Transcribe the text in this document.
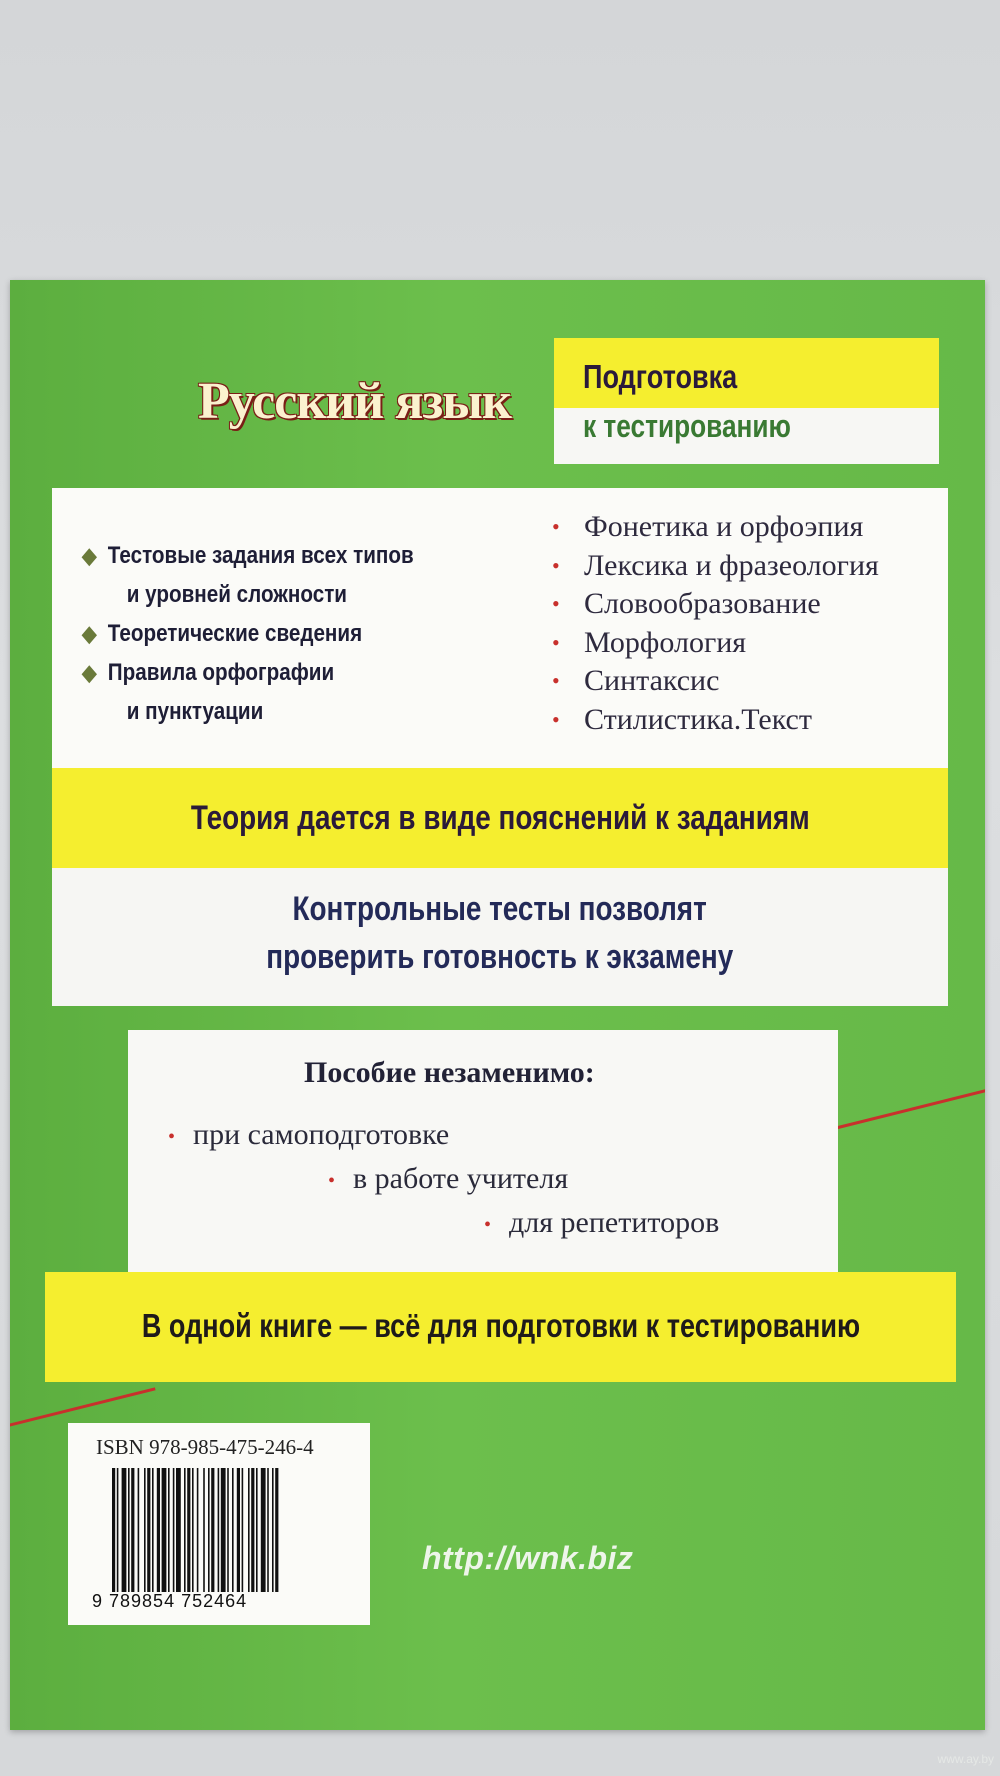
Русский язык Подготовка
к тестированию
◆ Тестовые задания всех типов
и уровней сложности
◆ Теоретические сведения
◆ Правила орфографии
и пунктуации
• Фонетика и орфоэпия
• Лексика и фразеология
• Словообразование
• Морфология
• Синтаксис
• Стилистика.Текст
Теория дается в виде пояснений к заданиям
Контрольные тесты позволят
проверить готовность к экзамену
Пособие незаменимо:
• при самоподготовке
• в работе учителя
• для репетиторов
В одной книге — всё для подготовки к тестированию
ISBN 978-985-475-246-4
9 789854 752464
http://wnk.biz
www.ay.by
